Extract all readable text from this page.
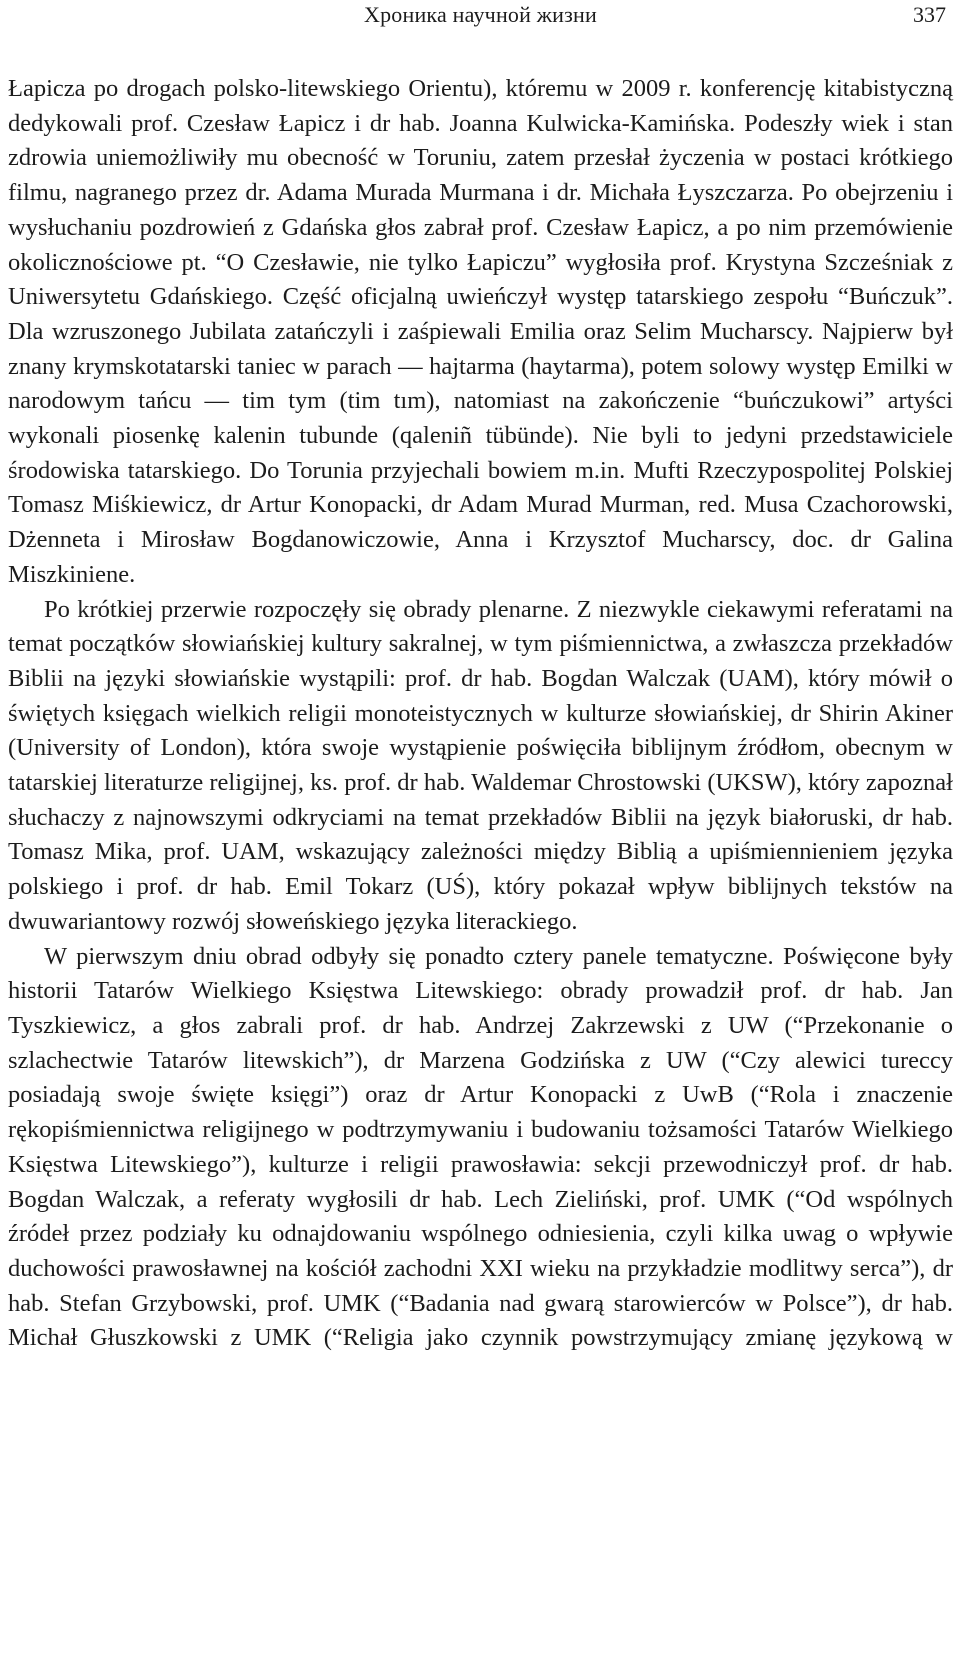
Хроника научной жизни	337

Łapicza po drogach polsko-litewskiego Orientu), któremu w 2009 r. konferencję kitabistyczną dedykowali prof. Czesław Łapicz i dr hab. Joanna Kulwicka-Kamińska. Podeszły wiek i stan zdrowia uniemożliwiły mu obecność w Toruniu, zatem przesłał życzenia w postaci krótkiego filmu, nagranego przez dr. Adama Murada Murmana i dr. Michała Łyszczarza. Po obejrzeniu i wysłuchaniu pozdrowień z Gdańska głos zabrał prof. Czesław Łapicz, a po nim przemówienie okolicznościowe pt. “O Czesławie, nie tylko Łapiczu” wygłosiła prof. Krystyna Szcześniak z Uniwersytetu Gdańskiego. Część oficjalną uwieńczył występ tatarskiego zespołu “Buńczuk”. Dla wzruszonego Jubilata zatańczyli i zaśpiewali Emilia oraz Selim Mucharscy. Najpierw był znany krymskotatarski taniec w parach — hajtarma (haytarma), potem solowy występ Emilki w narodowym tańcu — tim tym (tim tım), natomiast na zakończenie “buńczukowi” artyści wykonali piosenkę kalenin tubunde (qaleniñ tübünde). Nie byli to jedyni przedstawiciele środowiska tatarskiego. Do Torunia przyjechali bowiem m.in. Mufti Rzeczypospolitej Polskiej Tomasz Miśkiewicz, dr Artur Konopacki, dr Adam Murad Murman, red. Musa Czachorowski, Dżenneta i Mirosław Bogdanowiczowie, Anna i Krzysztof Mucharscy, doc. dr Galina Miszkiniene.

Po krótkiej przerwie rozpoczęły się obrady plenarne. Z niezwykle ciekawymi referatami na temat początków słowiańskiej kultury sakralnej, w tym piśmiennictwa, a zwłaszcza przekładów Biblii na języki słowiańskie wystąpili: prof. dr hab. Bogdan Walczak (UAM), który mówił o świętych księgach wielkich religii monoteistycznych w kulturze słowiańskiej, dr Shirin Akiner (University of London), która swoje wystąpienie poświęciła biblijnym źródłom, obecnym w tatarskiej literaturze religijnej, ks. prof. dr hab. Waldemar Chrostowski (UKSW), który zapoznał słuchaczy z najnowszymi odkryciami na temat przekładów Biblii na język białoruski, dr hab. Tomasz Mika, prof. UAM, wskazujący zależności między Biblią a upiśmiennieniem języka polskiego i prof. dr hab. Emil Tokarz (UŚ), który pokazał wpływ biblijnych tekstów na dwuwariantowy rozwój słoweńskiego języka literackiego.

W pierwszym dniu obrad odbyły się ponadto cztery panele tematyczne. Poświęcone były historii Tatarów Wielkiego Księstwa Litewskiego: obrady prowadził prof. dr hab. Jan Tyszkiewicz, a głos zabrali prof. dr hab. Andrzej Zakrzewski z UW (“Przekonanie o szlachectwie Tatarów litewskich”), dr Marzena Godzińska z UW (“Czy alewici tureccy posiadają swoje święte księgi”) oraz dr Artur Konopacki z UwB (“Rola i znaczenie rękopiśmiennictwa religijnego w podtrzymywaniu i budowaniu tożsamości Tatarów Wielkiego Księstwa Litewskiego”), kulturze i religii prawosławia: sekcji przewodniczył prof. dr hab. Bogdan Walczak, a referaty wygłosili dr hab. Lech Zieliński, prof. UMK (“Od wspólnych źródeł przez podziały ku odnajdowaniu wspólnego odniesienia, czyli kilka uwag o wpływie duchowości prawosławnej na kościół zachodni XXI wieku na przykładzie modlitwy serca”), dr hab. Stefan Grzybowski, prof. UMK (“Badania nad gwarą starowierców w Polsce”), dr hab. Michał Głuszkowski z UMK (“Religia jako czynnik powstrzymujący zmianę językową w
